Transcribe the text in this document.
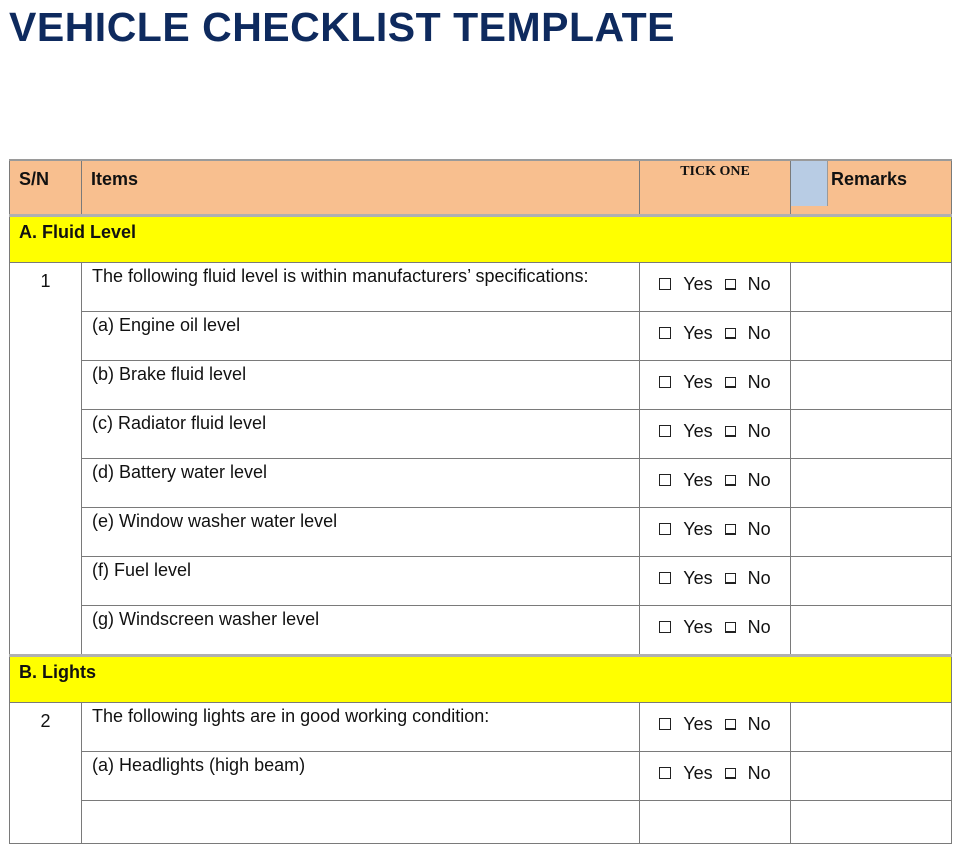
VEHICLE CHECKLIST TEMPLATE
S/N	Items	TICK ONE	Remarks

A. Fluid Level			
1	The following fluid level is within manufacturers’ specifications:	Yes No	

	(a) Engine oil level	Yes No	

	(b) Brake fluid level	Yes No	

	(c) Radiator fluid level	Yes No	

	(d) Battery water level	Yes No	

	(e) Window washer water level	Yes No	

	(f) Fuel level	Yes No	

	(g) Windscreen washer level	Yes No	

B. Lights			
2	The following lights are in good working condition:	Yes No	

	(a) Headlights (high beam)	Yes No	
